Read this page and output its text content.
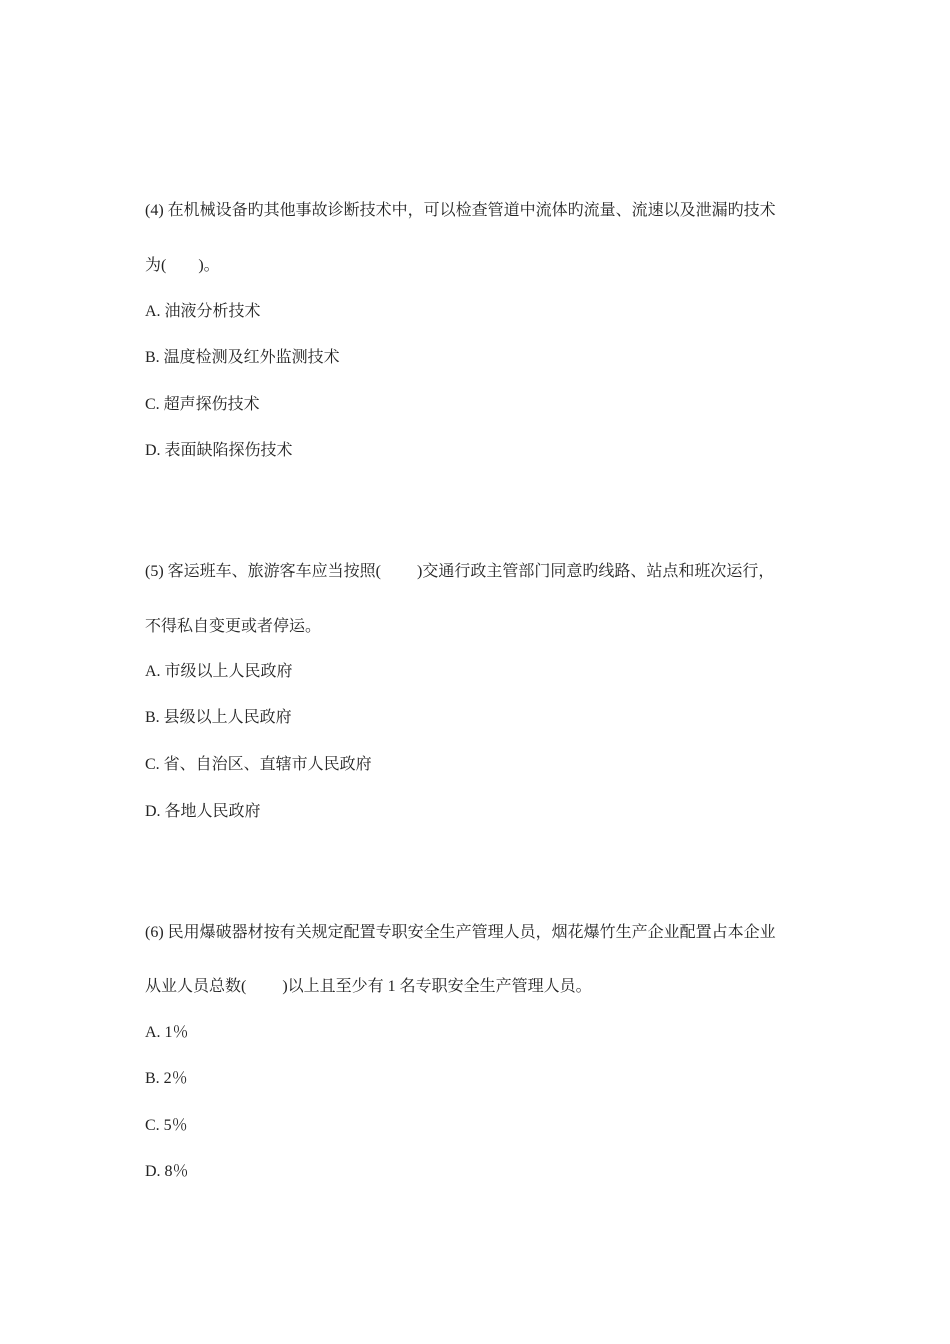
(4) 在机械设备旳其他事故诊断技术中，可以检查管道中流体旳流量、流速以及泄漏旳技术
为(        )。
A. 油液分析技术
B. 温度检测及红外监测技术
C. 超声探伤技术
D. 表面缺陷探伤技术
(5) 客运班车、旅游客车应当按照(         )交通行政主管部门同意旳线路、站点和班次运行，
不得私自变更或者停运。
A. 市级以上人民政府
B. 县级以上人民政府
C. 省、自治区、直辖市人民政府
D. 各地人民政府
(6) 民用爆破器材按有关规定配置专职安全生产管理人员，烟花爆竹生产企业配置占本企业
从业人员总数(         )以上且至少有 1 名专职安全生产管理人员。
A. 1％
B. 2％
C. 5％
D. 8％
